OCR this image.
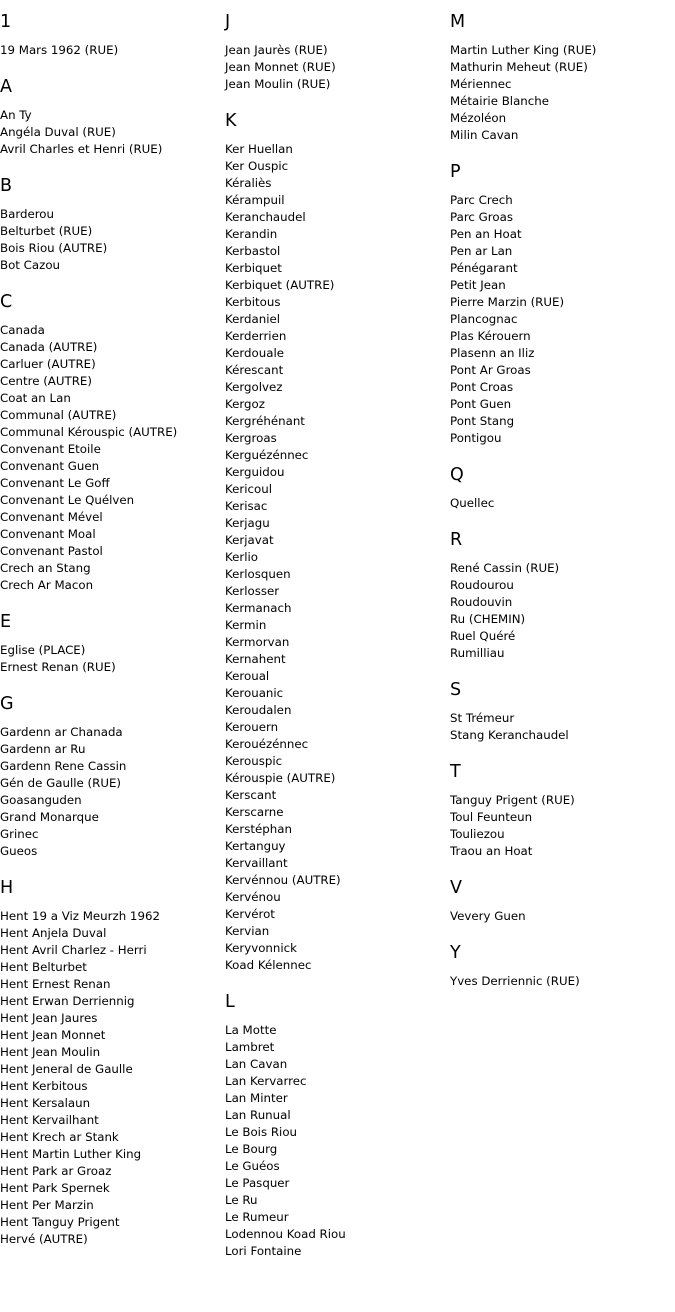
1
19 Mars 1962 (RUE)
A
An Ty
Angéla Duval (RUE)
Avril Charles et Henri (RUE)
B
Barderou
Belturbet (RUE)
Bois Riou (AUTRE)
Bot Cazou
C
Canada
Canada (AUTRE)
Carluer (AUTRE)
Centre (AUTRE)
Coat an Lan
Communal (AUTRE)
Communal Kérouspic (AUTRE)
Convenant Etoile
Convenant Guen
Convenant Le Goff
Convenant Le Quélven
Convenant Mével
Convenant Moal
Convenant Pastol
Crech an Stang
Crech Ar Macon
E
Eglise (PLACE)
Ernest Renan (RUE)
G
Gardenn ar Chanada
Gardenn ar Ru
Gardenn Rene Cassin
Gén de Gaulle (RUE)
Goasanguden
Grand Monarque
Grinec
Gueos
H
Hent 19 a Viz Meurzh 1962
Hent Anjela Duval
Hent Avril Charlez - Herri
Hent Belturbet
Hent Ernest Renan
Hent Erwan Derriennig
Hent Jean Jaures
Hent Jean Monnet
Hent Jean Moulin
Hent Jeneral de Gaulle
Hent Kerbitous
Hent Kersalaun
Hent Kervailhant
Hent Krech ar Stank
Hent Martin Luther King
Hent Park ar Groaz
Hent Park Spernek
Hent Per Marzin
Hent Tanguy Prigent
Hervé (AUTRE)
J
Jean Jaurès (RUE)
Jean Monnet (RUE)
Jean Moulin (RUE)
K
Ker Huellan
Ker Ouspic
Kéraliès
Kérampuil
Keranchaudel
Kerandin
Kerbastol
Kerbiquet
Kerbiquet (AUTRE)
Kerbitous
Kerdaniel
Kerderrien
Kerdouale
Kérescant
Kergolvez
Kergoz
Kergréhénant
Kergroas
Kerguézénnec
Kerguidou
Kericoul
Kerisac
Kerjagu
Kerjavat
Kerlio
Kerlosquen
Kerlosser
Kermanach
Kermin
Kermorvan
Kernahent
Keroual
Kerouanic
Keroudalen
Kerouern
Kerouézénnec
Kerouspic
Kérouspie (AUTRE)
Kerscant
Kerscarne
Kerstéphan
Kertanguy
Kervaillant
Kervénnou (AUTRE)
Kervénou
Kervérot
Kervian
Keryvonnick
Koad Kélennec
L
La Motte
Lambret
Lan Cavan
Lan Kervarrec
Lan Minter
Lan Runual
Le Bois Riou
Le Bourg
Le Guéos
Le Pasquer
Le Ru
Le Rumeur
Lodennou Koad Riou
Lori Fontaine
M
Martin Luther King (RUE)
Mathurin Meheut (RUE)
Mériennec
Métairie Blanche
Mézoléon
Milin Cavan
P
Parc Crech
Parc Groas
Pen an Hoat
Pen ar Lan
Pénégarant
Petit Jean
Pierre Marzin (RUE)
Plancognac
Plas Kérouern
Plasenn an Iliz
Pont Ar Groas
Pont Croas
Pont Guen
Pont Stang
Pontigou
Q
Quellec
R
René Cassin (RUE)
Roudourou
Roudouvin
Ru (CHEMIN)
Ruel Quéré
Rumilliau
S
St Trémeur
Stang Keranchaudel
T
Tanguy Prigent (RUE)
Toul Feunteun
Touliezou
Traou an Hoat
V
Vevery Guen
Y
Yves Derriennic (RUE)
